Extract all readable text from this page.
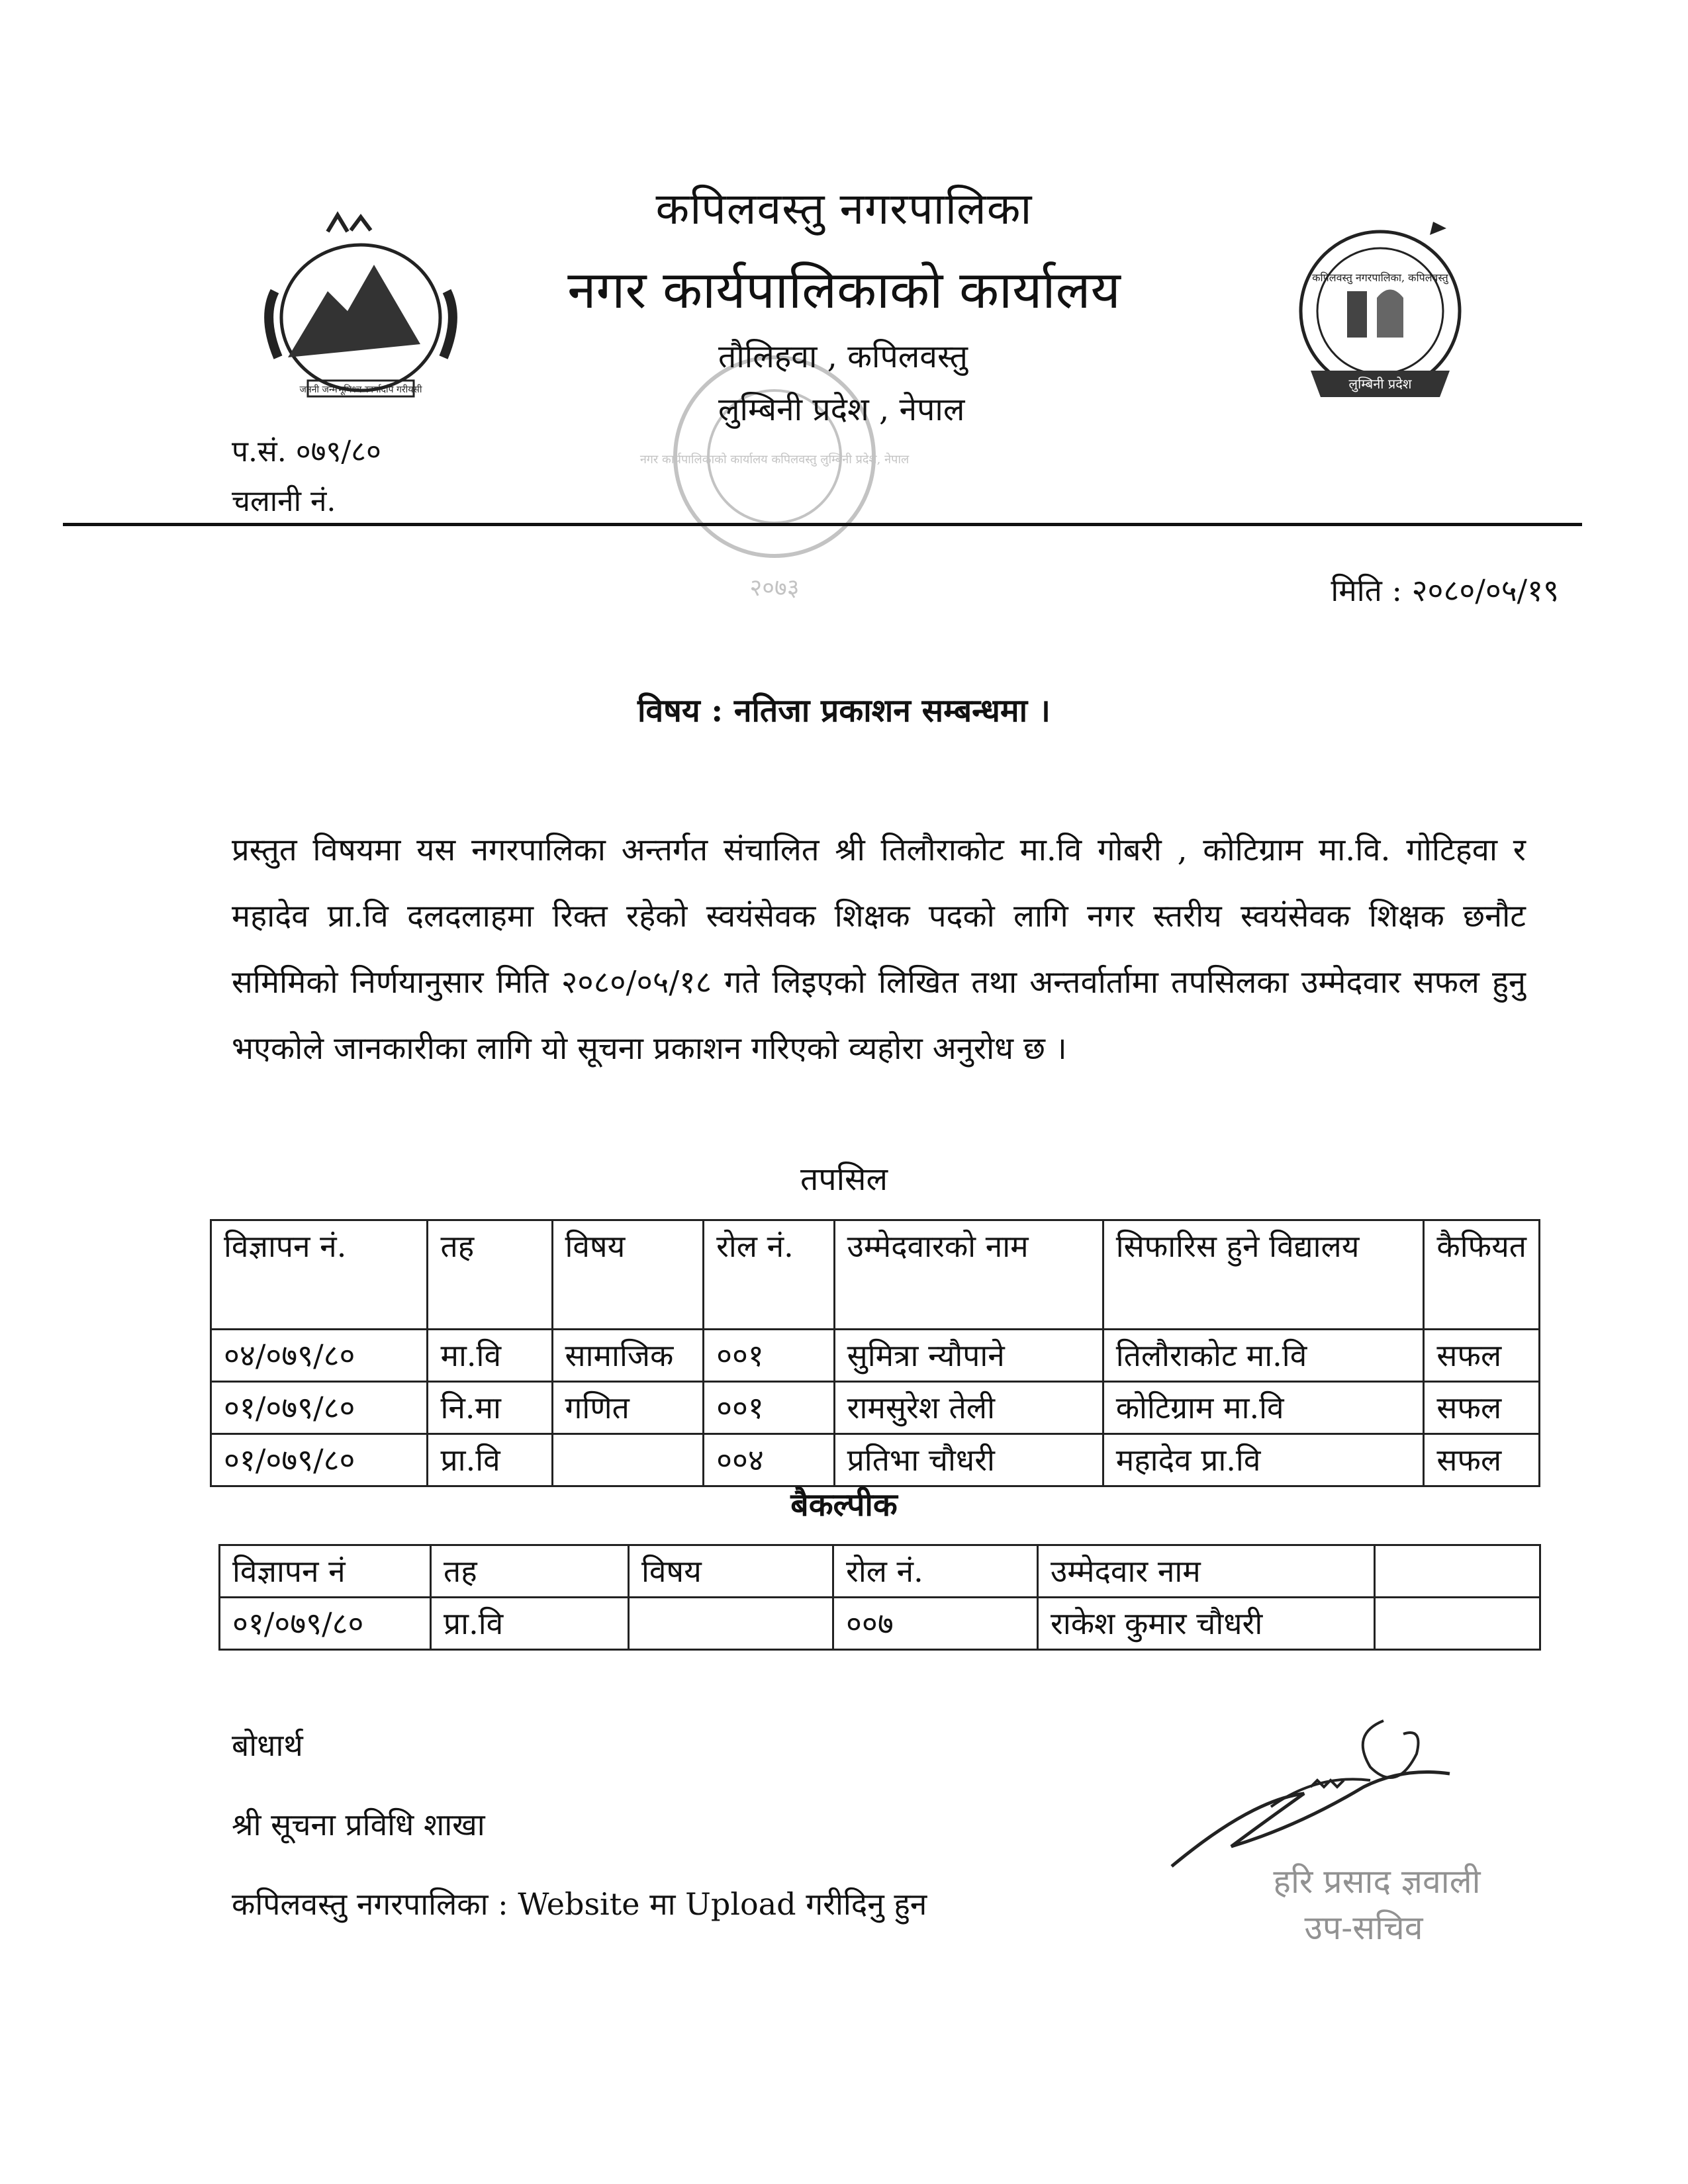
जननी जन्मभूमिश्च स्वर्गादपि गरीयसी
कपिलवस्तु नगरपालिका, कपिलवस्तु
लुम्बिनी प्रदेश
नगर कार्यपालिकाको कार्यालय कपिलवस्तु लुम्बिनी प्रदेश, नेपाल
२०७३
कपिलवस्तु नगरपालिका
नगर कार्यपालिकाको कार्यालय
तौलिहवा , कपिलवस्तु
लुम्बिनी प्रदेश , नेपाल
प.सं. ०७९/८०
चलानी नं.
मिति : २०८०/०५/१९
विषय : नतिजा प्रकाशन सम्बन्धमा ।
प्रस्तुत विषयमा यस नगरपालिका अन्तर्गत संचालित श्री तिलौराकोट मा.वि गोबरी , कोटिग्राम मा.वि. गोटिहवा र महादेव प्रा.वि दलदलाहमा रिक्त रहेको स्वयंसेवक शिक्षक पदको लागि नगर स्तरीय स्वयंसेवक शिक्षक छनौट समिमिको निर्णयानुसार मिति २०८०/०५/१८ गते लिइएको लिखित तथा अन्तर्वार्तामा तपसिलका उम्मेदवार सफल हुनु भएकोले जानकारीका लागि यो सूचना प्रकाशन गरिएको व्यहोरा अनुरोध छ ।
तपसिल
विज्ञापन नं.	तह	विषय	रोल नं.	उम्मेदवारको नाम	सिफारिस हुने विद्यालय	कैफियत
०४/०७९/८०	मा.वि	सामाजिक	००१	सुमित्रा न्यौपाने	तिलौराकोट मा.वि	सफल
०१/०७९/८०	नि.मा	गणित	००१	रामसुरेश तेली	कोटिग्राम मा.वि	सफल
०१/०७९/८०	प्रा.वि		००४	प्रतिभा चौधरी	महादेव प्रा.वि	सफल
बैकल्पीक
विज्ञापन नं	तह	विषय	रोल नं.	उम्मेदवार नाम	
०१/०७९/८०	प्रा.वि		००७	राकेश कुमार चौधरी	
बोधार्थ
श्री सूचना प्रविधि शाखा
कपिलवस्तु नगरपालिका : Website मा Upload गरीदिनु हुन
हरि प्रसाद ज्ञवाली
उप-सचिव
